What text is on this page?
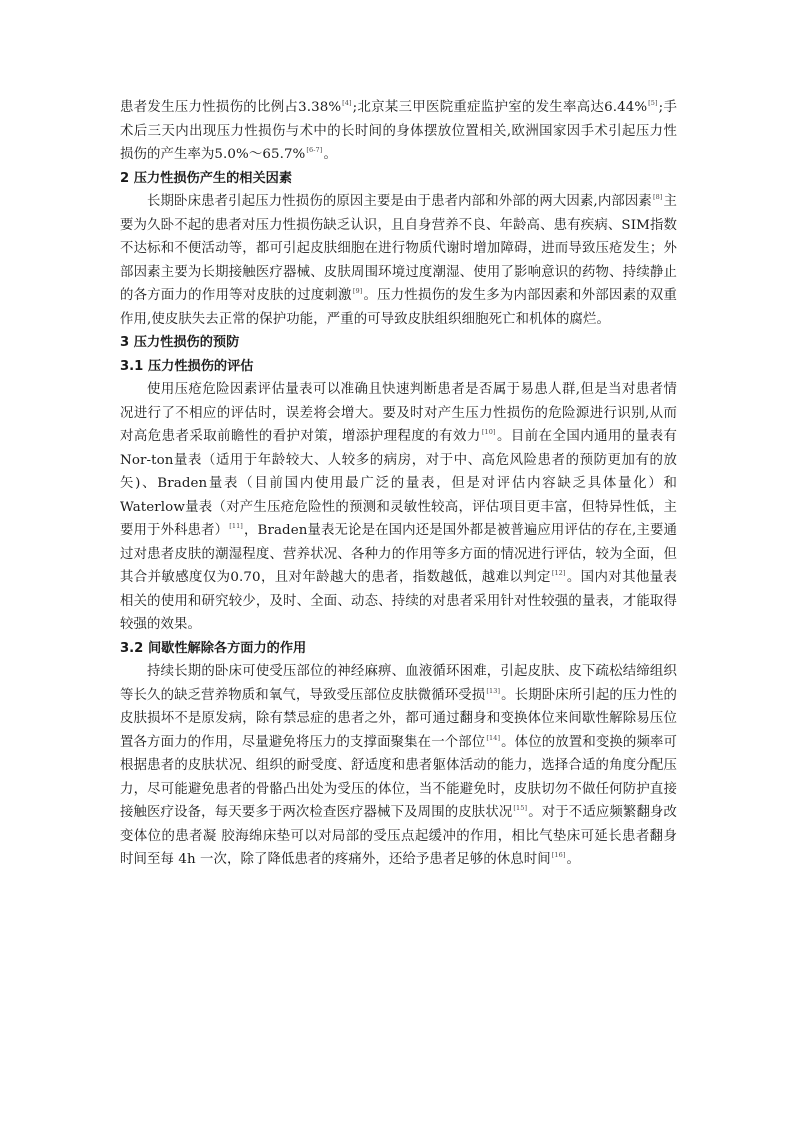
患者发生压力性损伤的比例占3.38%[4];北京某三甲医院重症监护室的发生率高达6.44%[5];手术后三天内出现压力性损伤与术中的长时间的身体摆放位置相关,欧洲国家因手术引起压力性损伤的产生率为5.0%～65.7%[6-7]。

2 压力性损伤产生的相关因素

长期卧床患者引起压力性损伤的原因主要是由于患者内部和外部的两大因素,内部因素[8]主要为久卧不起的患者对压力性损伤缺乏认识，且自身营养不良、年龄高、患有疾病、SIM指数不达标和不便活动等，都可引起皮肤细胞在进行物质代谢时增加障碍，进而导致压疮发生；外部因素主要为长期接触医疗器械、皮肤周围环境过度潮湿、使用了影响意识的药物、持续静止的各方面力的作用等对皮肤的过度刺激[9]。压力性损伤的发生多为内部因素和外部因素的双重作用,使皮肤失去正常的保护功能，严重的可导致皮肤组织细胞死亡和机体的腐烂。

3 压力性损伤的预防
3.1 压力性损伤的评估

使用压疮危险因素评估量表可以准确且快速判断患者是否属于易患人群,但是当对患者情况进行了不相应的评估时，误差将会增大。要及时对产生压力性损伤的危险源进行识别,从而对高危患者采取前瞻性的看护对策，增添护理程度的有效力[10]。目前在全国内通用的量表有Nor-ton量表（适用于年龄较大、人较多的病房，对于中、高危风险患者的预防更加有的放矢)、Braden量表（目前国内使用最广泛的量表，但是对评估内容缺乏具体量化）和Waterlow量表（对产生压疮危险性的预测和灵敏性较高，评估项目更丰富，但特异性低，主要用于外科患者）[11]，Braden量表无论是在国内还是国外都是被普遍应用评估的存在,主要通过对患者皮肤的潮湿程度、营养状况、各种力的作用等多方面的情况进行评估，较为全面，但其合并敏感度仅为0.70，且对年龄越大的患者，指数越低，越难以判定[12]。国内对其他量表相关的使用和研究较少，及时、全面、动态、持续的对患者采用针对性较强的量表，才能取得较强的效果。

3.2 间歇性解除各方面力的作用

持续长期的卧床可使受压部位的神经麻痹、血液循环困难，引起皮肤、皮下疏松结缔组织等长久的缺乏营养物质和氧气，导致受压部位皮肤微循环受损[13]。长期卧床所引起的压力性的皮肤损坏不是原发病，除有禁忌症的患者之外，都可通过翻身和变换体位来间歇性解除易压位置各方面力的作用，尽量避免将压力的支撑面聚集在一个部位[14]。体位的放置和变换的频率可根据患者的皮肤状况、组织的耐受度、舒适度和患者躯体活动的能力，选择合适的角度分配压力，尽可能避免患者的骨骼凸出处为受压的体位，当不能避免时，皮肤切勿不做任何防护直接接触医疗设备，每天要多于两次检查医疗器械下及周围的皮肤状况[15]。对于不适应频繁翻身改变体位的患者凝 胶海绵床垫可以对局部的受压点起缓冲的作用，相比气垫床可延长患者翻身时间至每 4h 一次，除了降低患者的疼痛外，还给予患者足够的休息时间[16]。
